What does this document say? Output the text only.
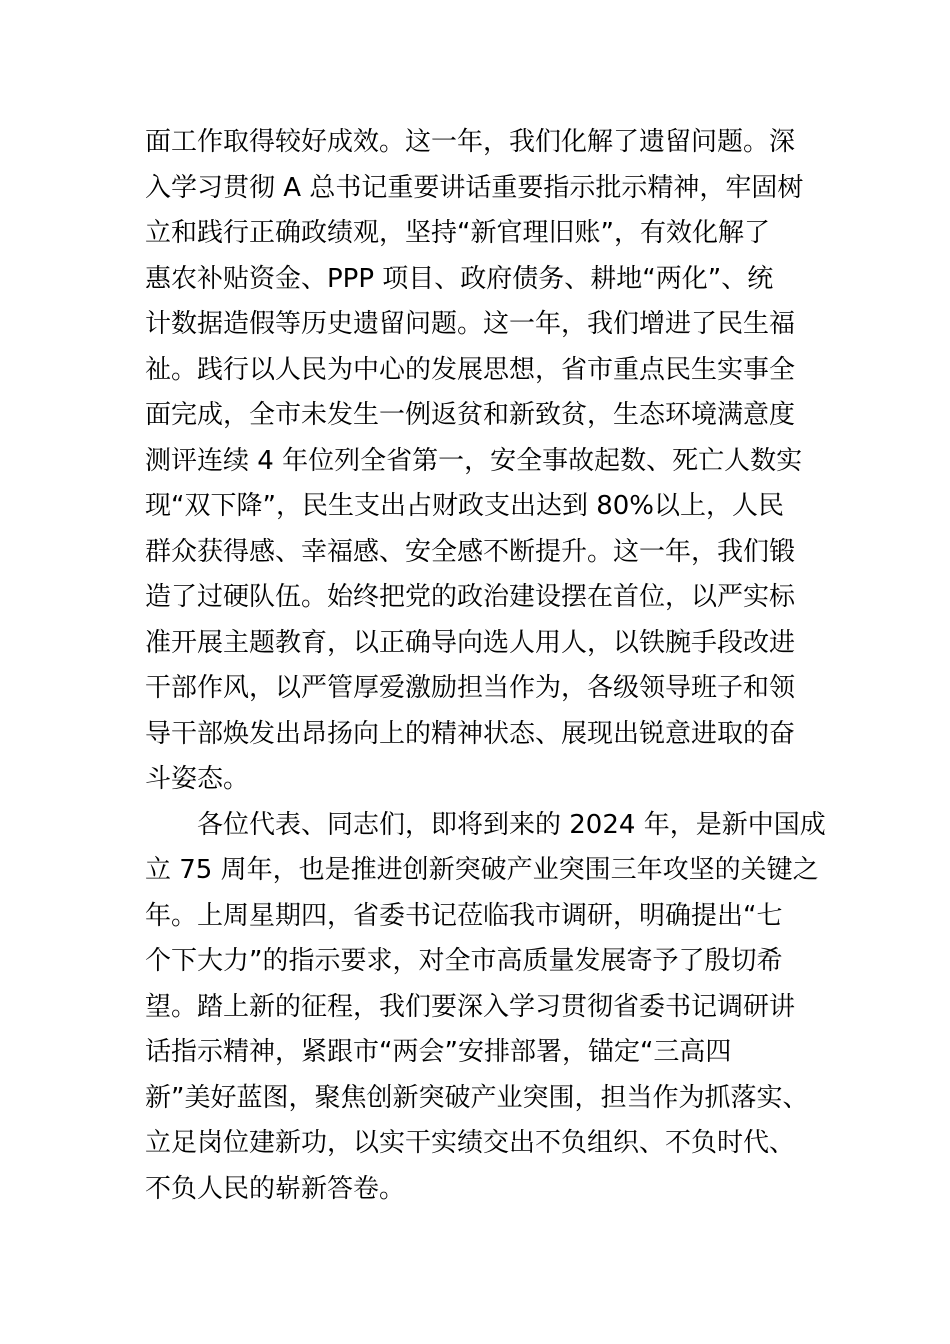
面工作取得较好成效。这一年，我们化解了遗留问题。深
入学习贯彻 A 总书记重要讲话重要指示批示精神，牢固树
立和践行正确政绩观，坚持“新官理旧账”，有效化解了
惠农补贴资金、PPP 项目、政府债务、耕地“两化”、统
计数据造假等历史遗留问题。这一年，我们增进了民生福
祉。践行以人民为中心的发展思想，省市重点民生实事全
面完成，全市未发生一例返贫和新致贫，生态环境满意度
测评连续 4 年位列全省第一，安全事故起数、死亡人数实
现“双下降”，民生支出占财政支出达到 80%以上，人民
群众获得感、幸福感、安全感不断提升。这一年，我们锻
造了过硬队伍。始终把党的政治建设摆在首位，以严实标
准开展主题教育，以正确导向选人用人，以铁腕手段改进
干部作风，以严管厚爱激励担当作为，各级领导班子和领
导干部焕发出昂扬向上的精神状态、展现出锐意进取的奋
斗姿态。
各位代表、同志们，即将到来的 2024 年，是新中国成
立 75 周年，也是推进创新突破产业突围三年攻坚的关键之
年。上周星期四，省委书记莅临我市调研，明确提出“七
个下大力”的指示要求，对全市高质量发展寄予了殷切希
望。踏上新的征程，我们要深入学习贯彻省委书记调研讲
话指示精神，紧跟市“两会”安排部署，锚定“三高四
新”美好蓝图，聚焦创新突破产业突围，担当作为抓落实、
立足岗位建新功，以实干实绩交出不负组织、不负时代、
不负人民的崭新答卷。
